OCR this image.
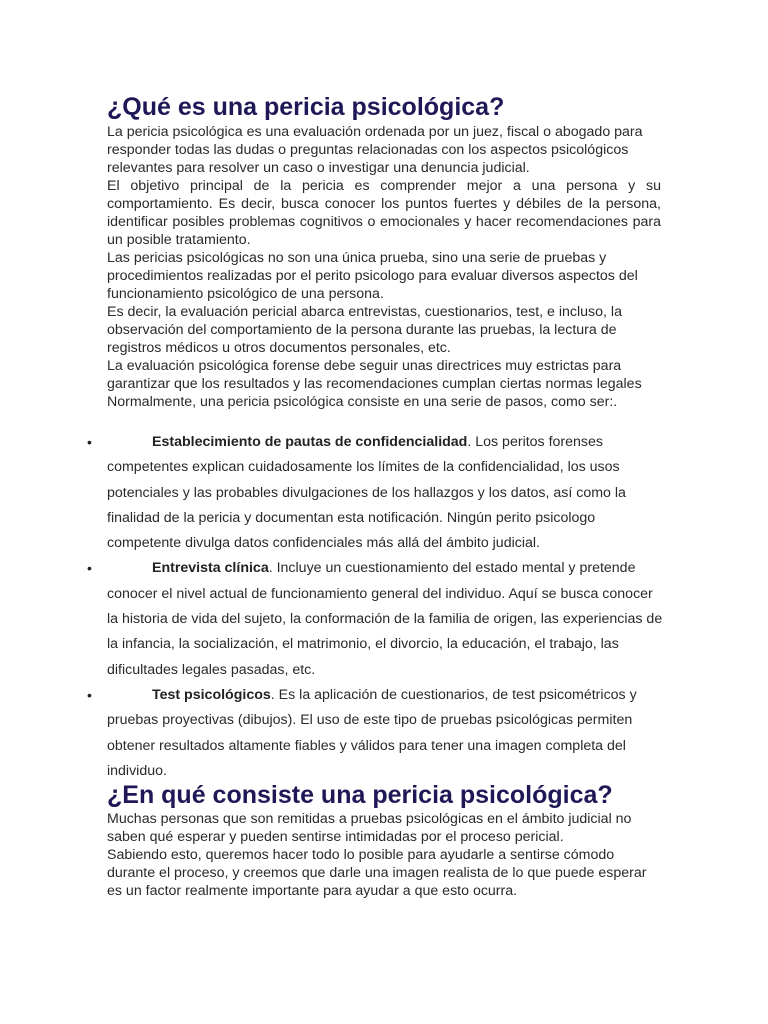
¿Qué es una pericia psicológica?

La pericia psicológica es una evaluación ordenada por un juez, fiscal o abogado para responder todas las dudas o preguntas relacionadas con los aspectos psicológicos relevantes para resolver un caso o investigar una denuncia judicial.

El objetivo principal de la pericia es comprender mejor a una persona y su comportamiento. Es decir, busca conocer los puntos fuertes y débiles de la persona, identificar posibles problemas cognitivos o emocionales y hacer recomendaciones para un posible tratamiento.

Las pericias psicológicas no son una única prueba, sino una serie de pruebas y procedimientos realizadas por el perito psicologo para evaluar diversos aspectos del funcionamiento psicológico de una persona.

Es decir, la evaluación pericial abarca entrevistas, cuestionarios, test, e incluso, la observación del comportamiento de la persona durante las pruebas, la lectura de registros médicos u otros documentos personales, etc.

La evaluación psicológica forense debe seguir unas directrices muy estrictas para garantizar que los resultados y las recomendaciones cumplan ciertas normas legales

Normalmente, una pericia psicológica consiste en una serie de pasos, como ser:.

•	Establecimiento de pautas de confidencialidad. Los peritos forenses competentes explican cuidadosamente los límites de la confidencialidad, los usos potenciales y las probables divulgaciones de los hallazgos y los datos, así como la finalidad de la pericia y documentan esta notificación. Ningún perito psicologo competente divulga datos confidenciales más allá del ámbito judicial.
•	Entrevista clínica. Incluye un cuestionamiento del estado mental y pretende conocer el nivel actual de funcionamiento general del individuo. Aquí se busca conocer la historia de vida del sujeto, la conformación de la familia de origen, las experiencias de la infancia, la socialización, el matrimonio, el divorcio, la educación, el trabajo, las dificultades legales pasadas, etc.
•	Test psicológicos. Es la aplicación de cuestionarios, de test psicométricos y pruebas proyectivas (dibujos). El uso de este tipo de pruebas psicológicas permiten obtener resultados altamente fiables y válidos para tener una imagen completa del individuo.
¿En qué consiste una pericia psicológica?

Muchas personas que son remitidas a pruebas psicológicas en el ámbito judicial no saben qué esperar y pueden sentirse intimidadas por el proceso pericial.

Sabiendo esto, queremos hacer todo lo posible para ayudarle a sentirse cómodo durante el proceso, y creemos que darle una imagen realista de lo que puede esperar es un factor realmente importante para ayudar a que esto ocurra.
